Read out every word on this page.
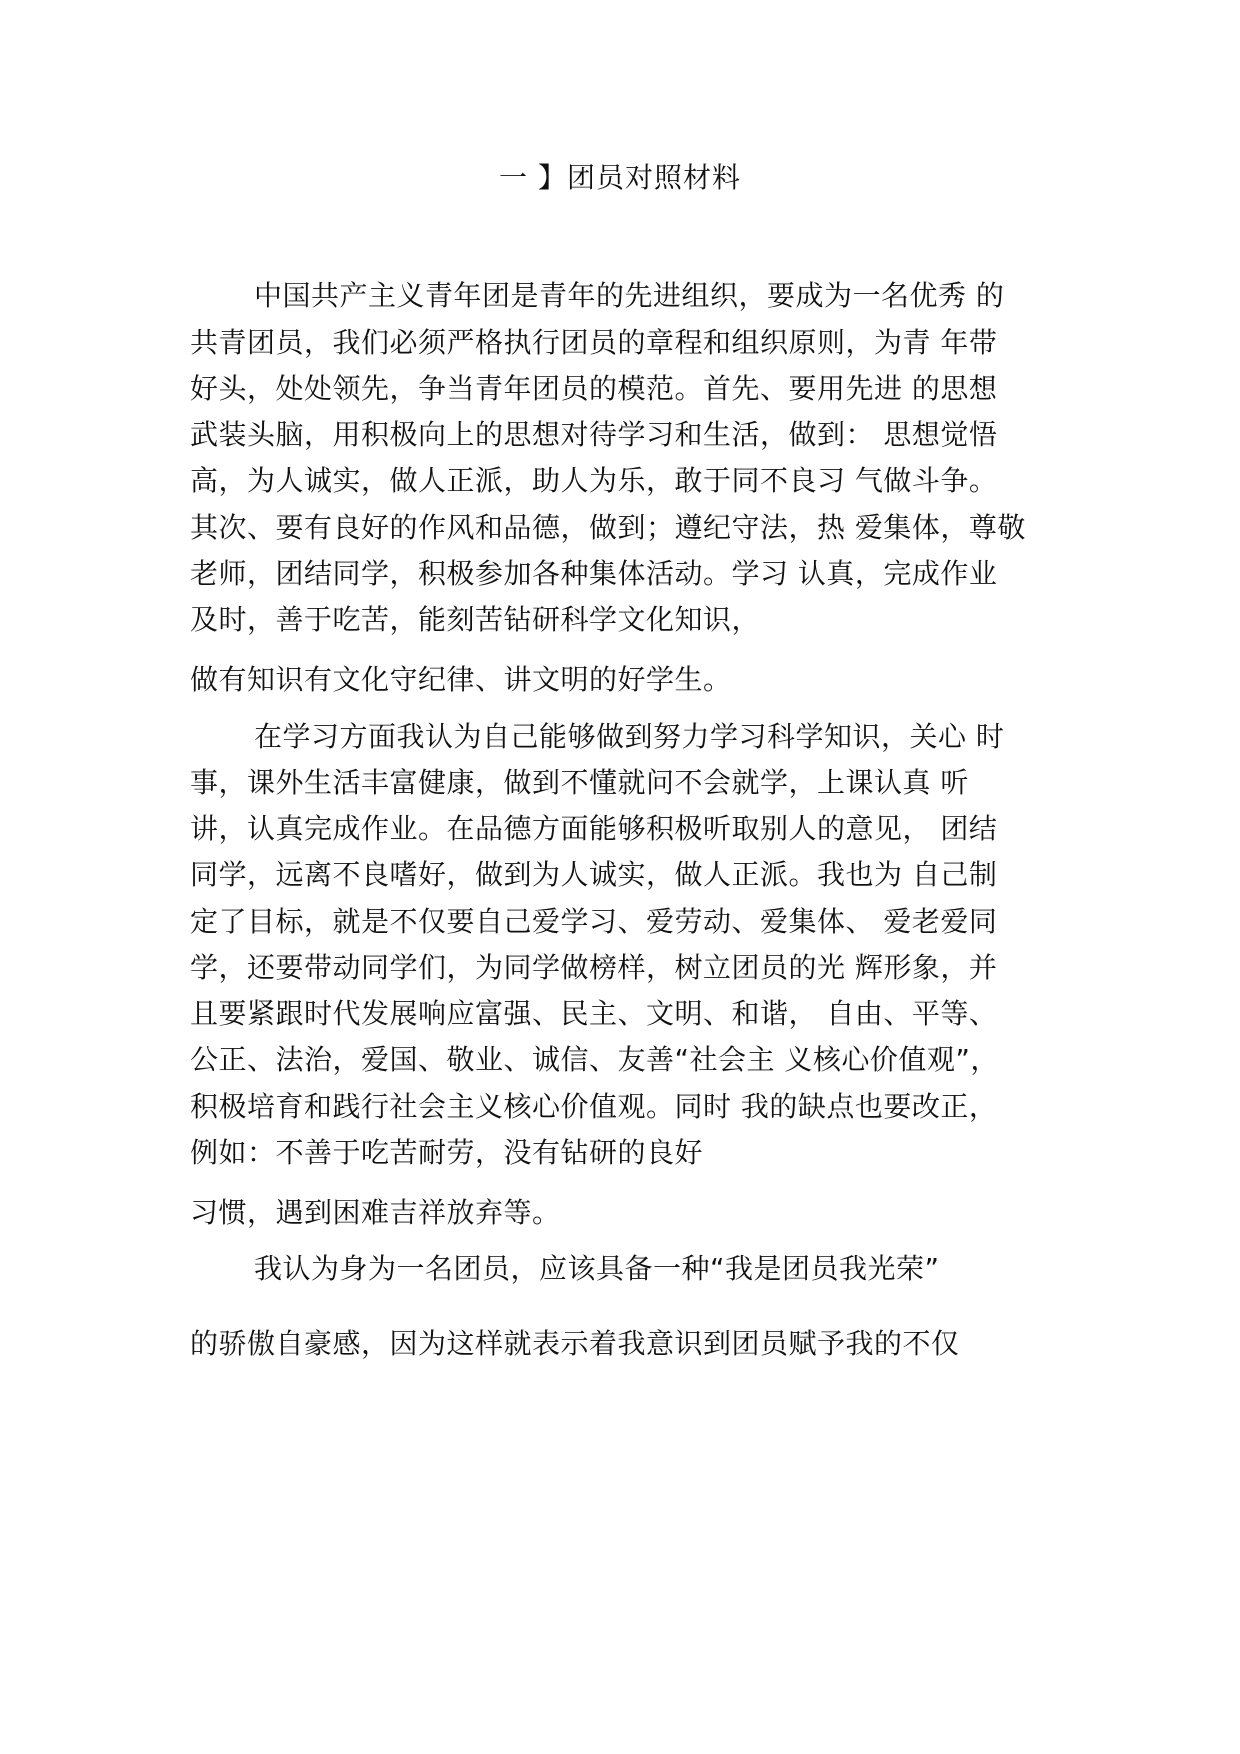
一 】团员对照材料
中国共产主义青年团是青年的先进组织，要成为一名优秀 的
共青团员，我们必须严格执行团员的章程和组织原则，为青 年带
好头，处处领先，争当青年团员的模范。首先、要用先进 的思想
武装头脑，用积极向上的思想对待学习和生活，做到： 思想觉悟
高，为人诚实，做人正派，助人为乐，敢于同不良习 气做斗争。
其次、要有良好的作风和品德，做到；遵纪守法，热 爱集体，尊敬
老师，团结同学，积极参加各种集体活动。学习 认真，完成作业
及时，善于吃苦，能刻苦钻研科学文化知识，
做有知识有文化守纪律、讲文明的好学生。
在学习方面我认为自己能够做到努力学习科学知识，关心 时
事，课外生活丰富健康，做到不懂就问不会就学，上课认真 听
讲，认真完成作业。在品德方面能够积极听取别人的意见， 团结
同学，远离不良嗜好，做到为人诚实，做人正派。我也为 自己制
定了目标，就是不仅要自己爱学习、爱劳动、爱集体、 爱老爱同
学，还要带动同学们，为同学做榜样，树立团员的光 辉形象，并
且要紧跟时代发展响应富强、民主、文明、和谐， 自由、平等、
公正、法治，爱国、敬业、诚信、友善“社会主 义核心价值观”，
积极培育和践行社会主义核心价值观。同时 我的缺点也要改正，
例如：不善于吃苦耐劳，没有钻研的良好
习惯，遇到困难吉祥放弃等。
我认为身为一名团员，应该具备一种“我是团员我光荣”
的骄傲自豪感，因为这样就表示着我意识到团员赋予我的不仅
